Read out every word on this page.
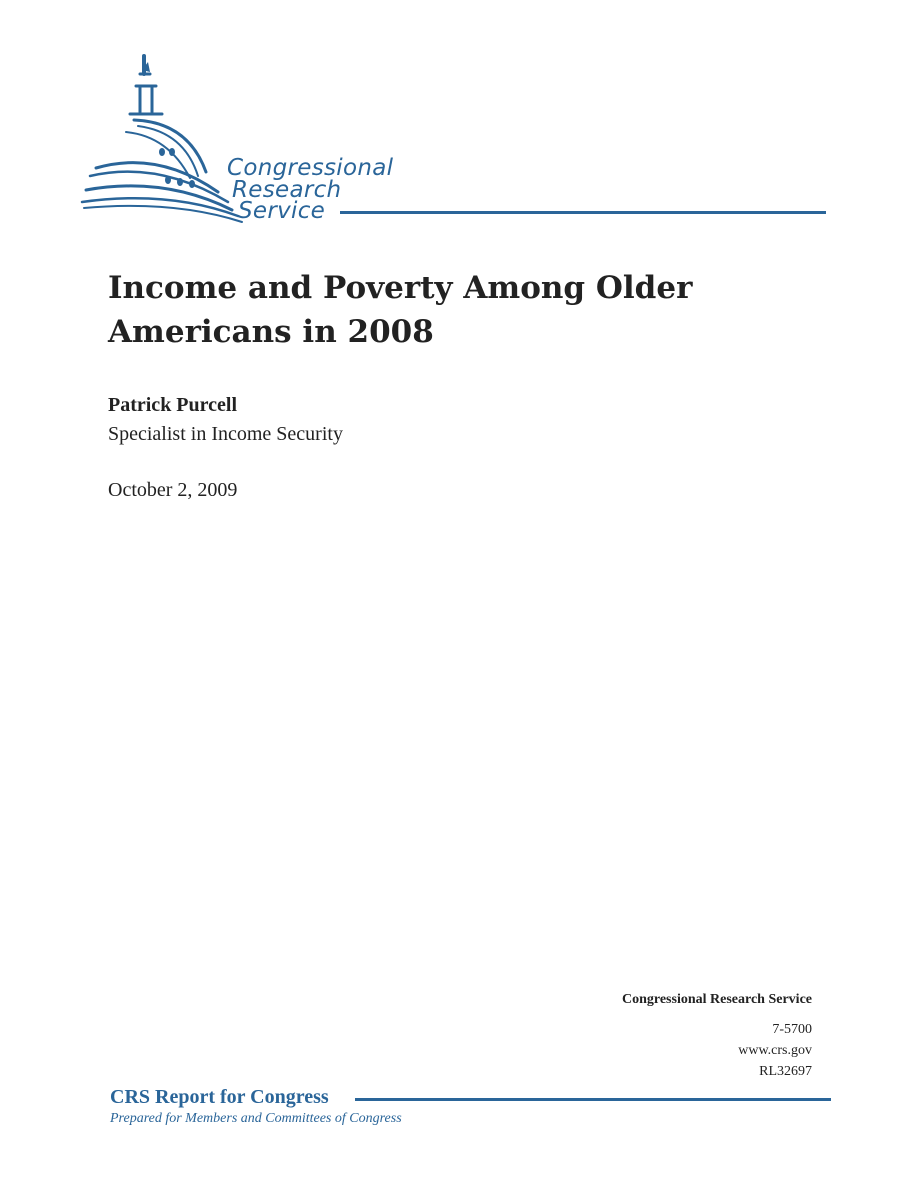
Congressional
Research
Service
Income and Poverty Among Older Americans in 2008
Patrick Purcell
Specialist in Income Security
October 2, 2009
Congressional Research Service
7-5700
www.crs.gov
RL32697
CRS Report for Congress
Prepared for Members and Committees of Congress
